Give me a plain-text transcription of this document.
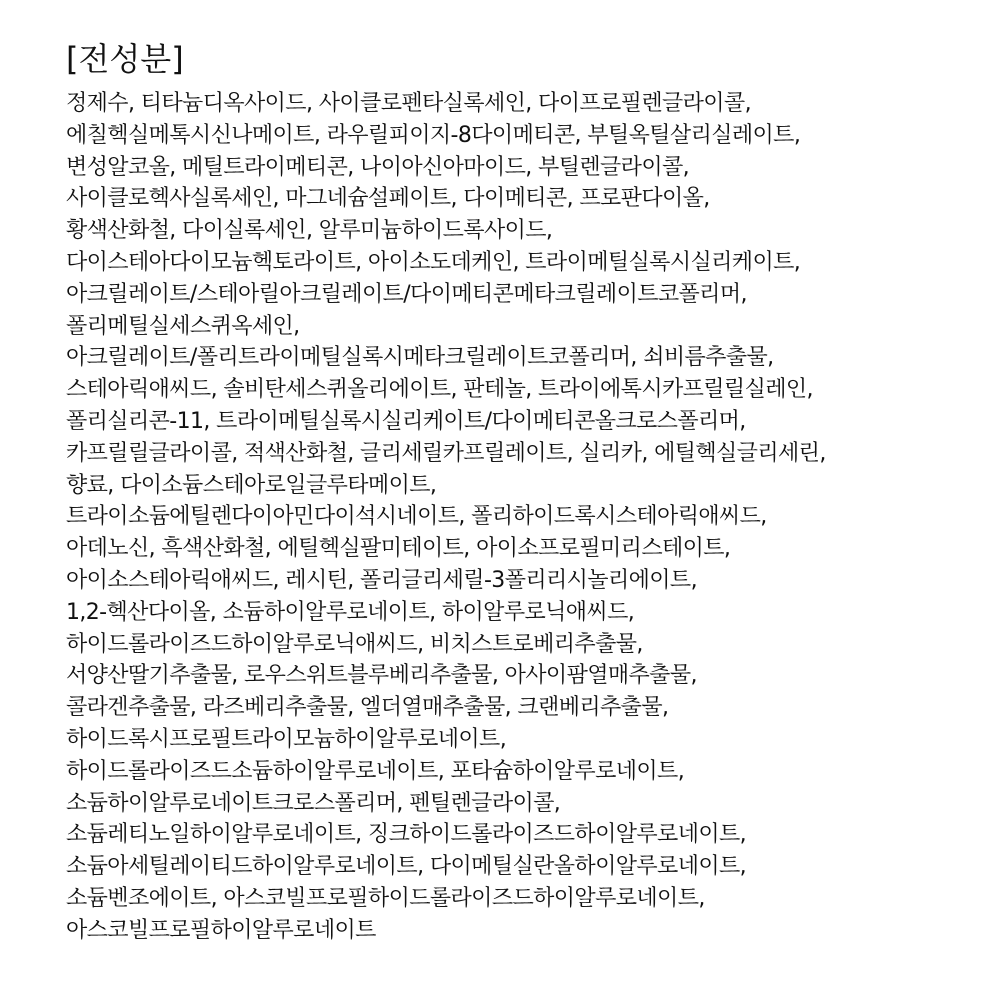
[전성분]
정제수, 티타늄디옥사이드, 사이클로펜타실록세인, 다이프로필렌글라이콜,
에칠헥실메톡시신나메이트, 라우릴피이지-8다이메티콘, 부틸옥틸살리실레이트,
변성알코올, 메틸트라이메티콘, 나이아신아마이드, 부틸렌글라이콜,
사이클로헥사실록세인, 마그네슘설페이트, 다이메티콘, 프로판다이올,
황색산화철, 다이실록세인, 알루미늄하이드록사이드,
다이스테아다이모늄헥토라이트, 아이소도데케인, 트라이메틸실록시실리케이트,
아크릴레이트/스테아릴아크릴레이트/다이메티콘메타크릴레이트코폴리머,
폴리메틸실세스퀴옥세인,
아크릴레이트/폴리트라이메틸실록시메타크릴레이트코폴리머, 쇠비름추출물,
스테아릭애씨드, 솔비탄세스퀴올리에이트, 판테놀, 트라이에톡시카프릴릴실레인,
폴리실리콘-11, 트라이메틸실록시실리케이트/다이메티콘올크로스폴리머,
카프릴릴글라이콜, 적색산화철, 글리세릴카프릴레이트, 실리카, 에틸헥실글리세린,
향료, 다이소듐스테아로일글루타메이트,
트라이소듐에틸렌다이아민다이석시네이트, 폴리하이드록시스테아릭애씨드,
아데노신, 흑색산화철, 에틸헥실팔미테이트, 아이소프로필미리스테이트,
아이소스테아릭애씨드, 레시틴, 폴리글리세릴-3폴리리시놀리에이트,
1,2-헥산다이올, 소듐하이알루로네이트, 하이알루로닉애씨드,
하이드롤라이즈드하이알루로닉애씨드, 비치스트로베리추출물,
서양산딸기추출물, 로우스위트블루베리추출물, 아사이팜열매추출물,
콜라겐추출물, 라즈베리추출물, 엘더열매추출물, 크랜베리추출물,
하이드록시프로필트라이모늄하이알루로네이트,
하이드롤라이즈드소듐하이알루로네이트, 포타슘하이알루로네이트,
소듐하이알루로네이트크로스폴리머, 펜틸렌글라이콜,
소듐레티노일하이알루로네이트, 징크하이드롤라이즈드하이알루로네이트,
소듐아세틸레이티드하이알루로네이트, 다이메틸실란올하이알루로네이트,
소듐벤조에이트, 아스코빌프로필하이드롤라이즈드하이알루로네이트,
아스코빌프로필하이알루로네이트
